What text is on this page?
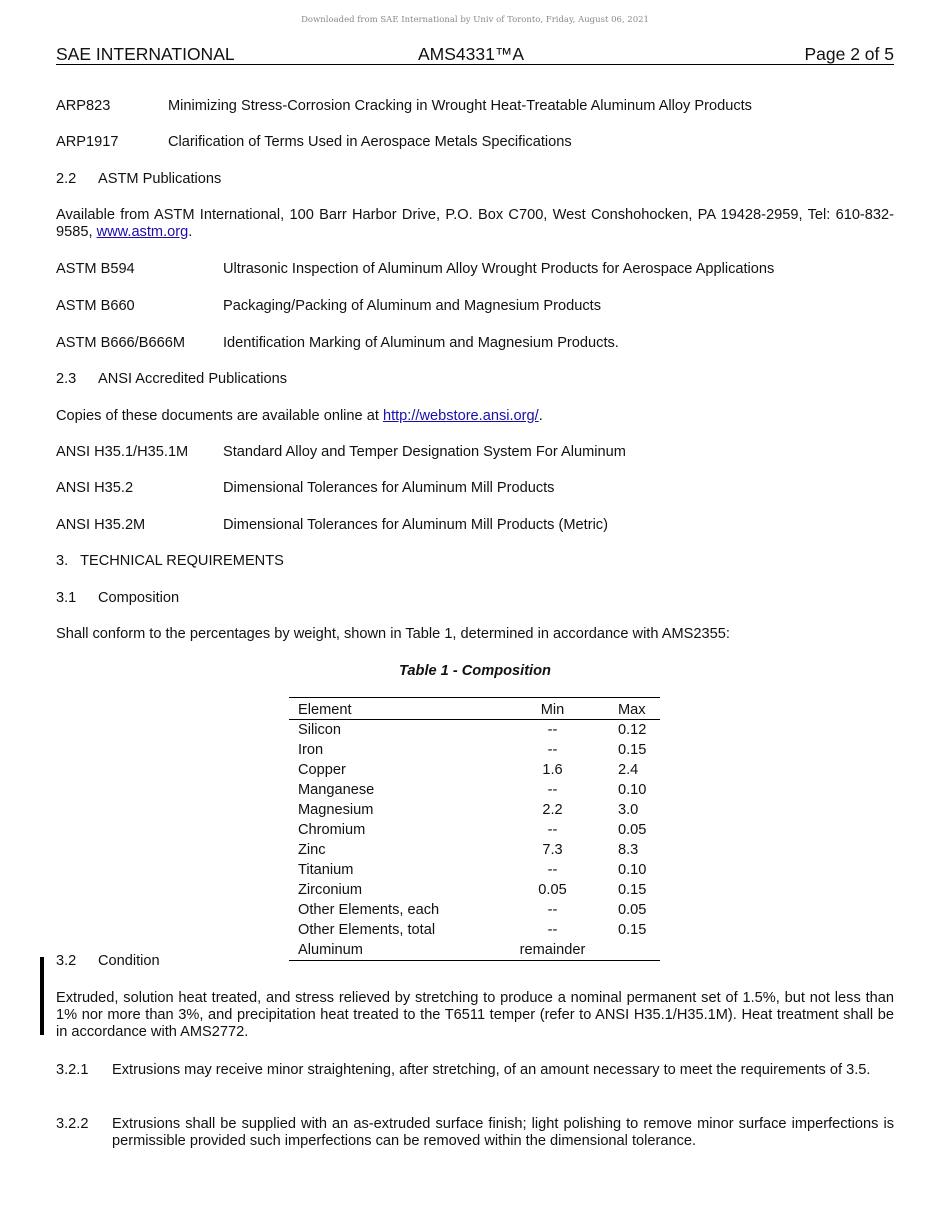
Downloaded from SAE International by Univ of Toronto, Friday, August 06, 2021
SAE INTERNATIONAL	AMS4331™A	Page 2 of 5
ARP823	Minimizing Stress-Corrosion Cracking in Wrought Heat-Treatable Aluminum Alloy Products
ARP1917	Clarification of Terms Used in Aerospace Metals Specifications
2.2 ASTM Publications
Available from ASTM International, 100 Barr Harbor Drive, P.O. Box C700, West Conshohocken, PA 19428-2959, Tel: 610-832-9585, www.astm.org.
ASTM B594	Ultrasonic Inspection of Aluminum Alloy Wrought Products for Aerospace Applications
ASTM B660	Packaging/Packing of Aluminum and Magnesium Products
ASTM B666/B666M	Identification Marking of Aluminum and Magnesium Products.
2.3 ANSI Accredited Publications
Copies of these documents are available online at http://webstore.ansi.org/.
ANSI H35.1/H35.1M Standard Alloy and Temper Designation System For Aluminum
ANSI H35.2	Dimensional Tolerances for Aluminum Mill Products
ANSI H35.2M	Dimensional Tolerances for Aluminum Mill Products (Metric)
3.   TECHNICAL REQUIREMENTS
3.1 Composition
Shall conform to the percentages by weight, shown in Table 1, determined in accordance with AMS2355:
Table 1 - Composition
Element	Min	Max
Silicon	--	0.12
Iron	--	0.15
Copper	1.6	2.4
Manganese	--	0.10
Magnesium	2.2	3.0
Chromium	--	0.05
Zinc	7.3	8.3
Titanium	--	0.10
Zirconium	0.05	0.15
Other Elements, each	--	0.05
Other Elements, total	--	0.15
Aluminum	remainder	
3.2 Condition
Extruded, solution heat treated, and stress relieved by stretching to produce a nominal permanent set of 1.5%, but not less than 1% nor more than 3%, and precipitation heat treated to the T6511 temper (refer to ANSI H35.1/H35.1M). Heat treatment shall be in accordance with AMS2772.
3.2.1 Extrusions may receive minor straightening, after stretching, of an amount necessary to meet the requirements of 3.5.
3.2.2 Extrusions shall be supplied with an as-extruded surface finish; light polishing to remove minor surface imperfections is permissible provided such imperfections can be removed within the dimensional tolerance.
